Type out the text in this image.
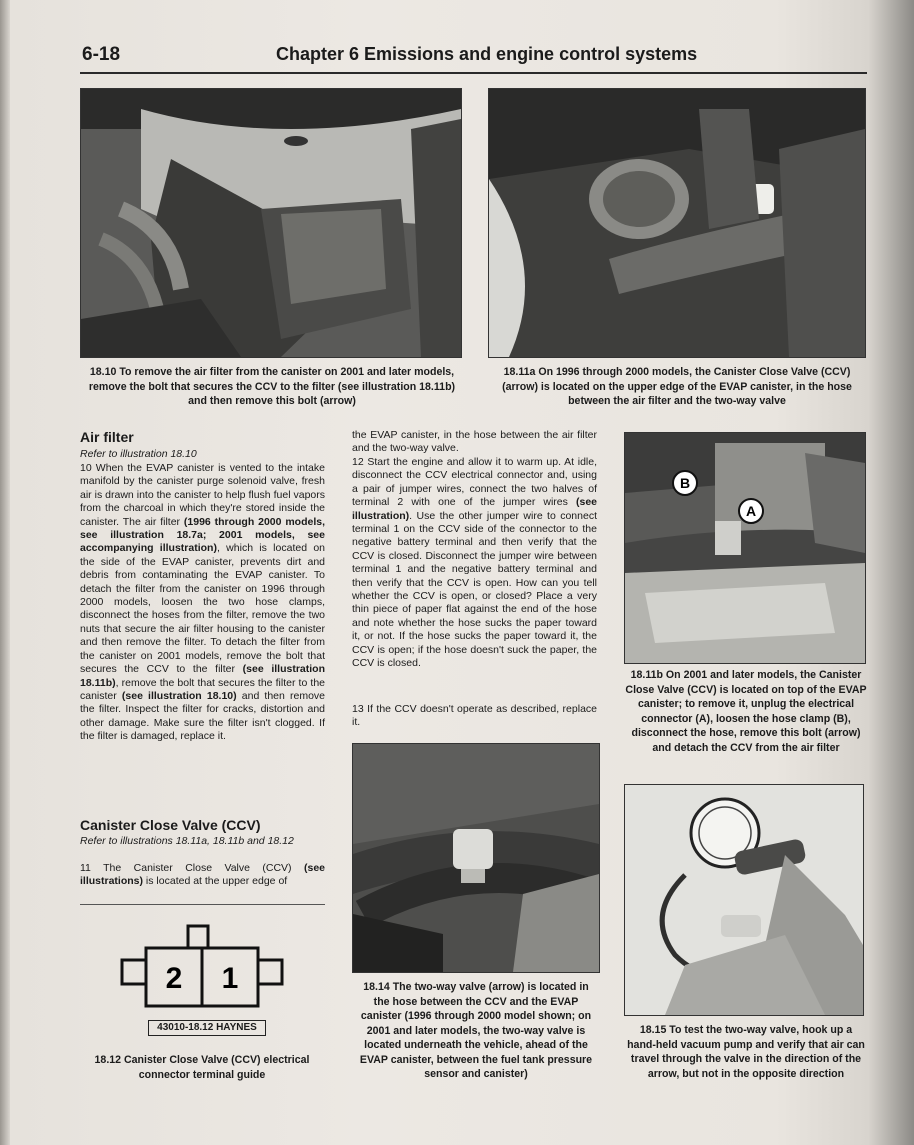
6-18	Chapter 6 Emissions and engine control systems
18.10 To remove the air filter from the canister on 2001 and later models, remove the bolt that secures the CCV to the filter (see illustration 18.11b) and then remove this bolt (arrow)
18.11a On 1996 through 2000 models, the Canister Close Valve (CCV) (arrow) is located on the upper edge of the EVAP canister, in the hose between the air filter and the two-way valve
Air filter
Refer to illustration 18.10
10 When the EVAP canister is vented to the intake manifold by the canister purge solenoid valve, fresh air is drawn into the canister to help flush fuel vapors from the charcoal in which they're stored inside the canister. The air filter (1996 through 2000 models, see illustration 18.7a; 2001 models, see accompanying illustration), which is located on the side of the EVAP canister, prevents dirt and debris from contaminating the EVAP canister. To detach the filter from the canister on 1996 through 2000 models, loosen the two hose clamps, disconnect the hoses from the filter, remove the two nuts that secure the air filter housing to the canister and then remove the filter. To detach the filter from the canister on 2001 models, remove the bolt that secures the CCV to the filter (see illustration 18.11b), remove the bolt that secures the filter to the canister (see illustration 18.10) and then remove the filter. Inspect the filter for cracks, distortion and other damage. Make sure the filter isn't clogged. If the filter is damaged, replace it.
Canister Close Valve (CCV)
Refer to illustrations 18.11a, 18.11b and 18.12
11 The Canister Close Valve (CCV) (see illustrations) is located at the upper edge of
2 1
43010-18.12 HAYNES
18.12 Canister Close Valve (CCV) electrical connector terminal guide
the EVAP canister, in the hose between the air filter and the two-way valve.
12 Start the engine and allow it to warm up. At idle, disconnect the CCV electrical connector and, using a pair of jumper wires, connect the two halves of terminal 2 with one of the jumper wires (see illustration). Use the other jumper wire to connect terminal 1 on the CCV side of the connector to the negative battery terminal and then verify that the CCV is closed. Disconnect the jumper wire between terminal 1 and the negative battery terminal and then verify that the CCV is open. How can you tell whether the CCV is open, or closed? Place a very thin piece of paper flat against the end of the hose and note whether the hose sucks the paper toward it, or not. If the hose sucks the paper toward it, the CCV is open; if the hose doesn't suck the paper, the CCV is closed.
13 If the CCV doesn't operate as described, replace it.
18.14 The two-way valve (arrow) is located in the hose between the CCV and the EVAP canister (1996 through 2000 model shown; on 2001 and later models, the two-way valve is located underneath the vehicle, ahead of the EVAP canister, between the fuel tank pressure sensor and canister)
B
A
18.11b On 2001 and later models, the Canister Close Valve (CCV) is located on top of the EVAP canister; to remove it, unplug the electrical connector (A), loosen the hose clamp (B), disconnect the hose, remove this bolt (arrow) and detach the CCV from the air filter
18.15 To test the two-way valve, hook up a hand-held vacuum pump and verify that air can travel through the valve in the direction of the arrow, but not in the opposite direction
